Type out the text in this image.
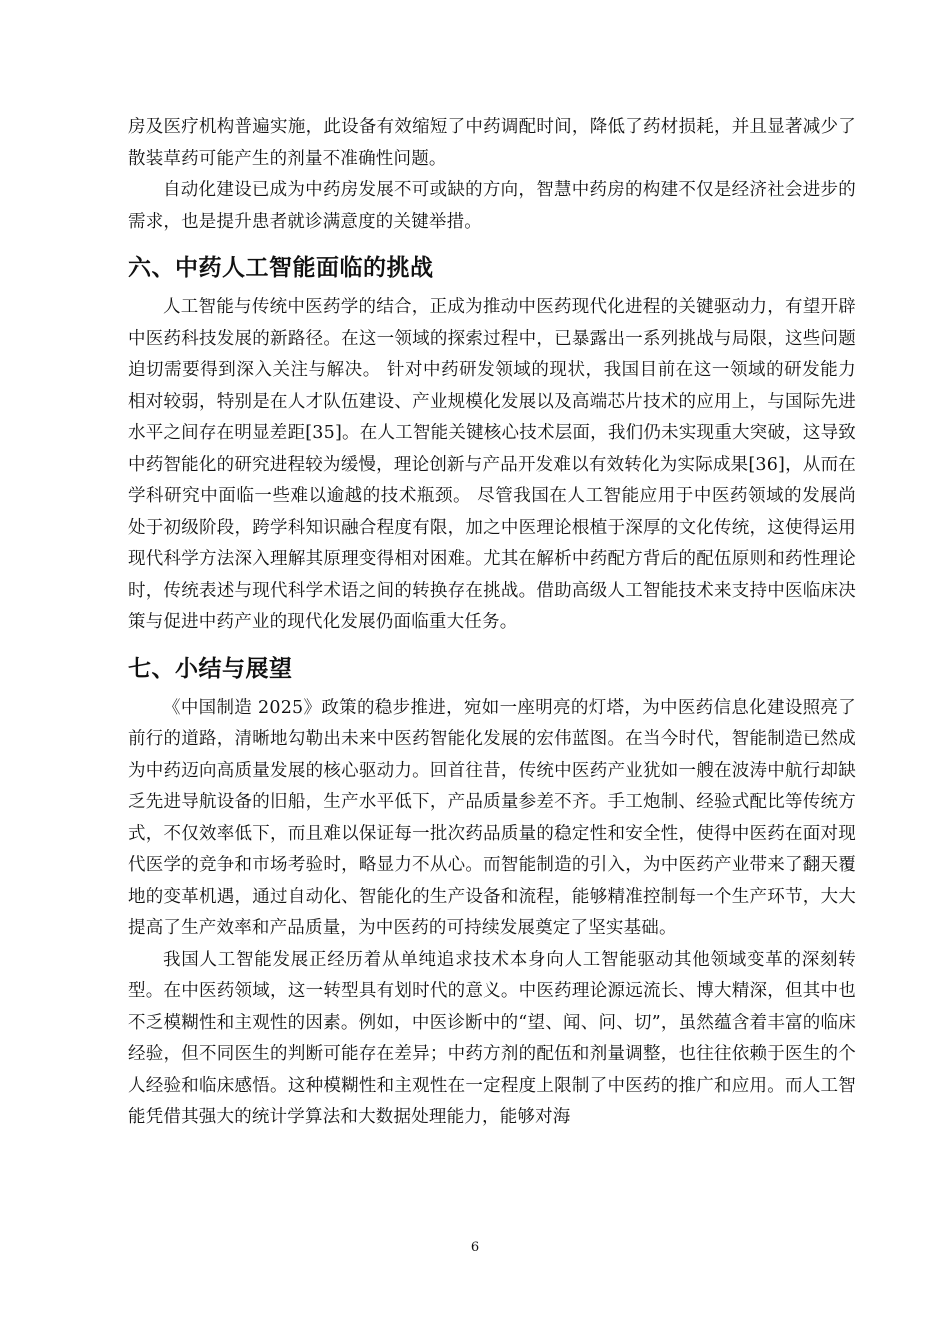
房及医疗机构普遍实施，此设备有效缩短了中药调配时间，降低了药材损耗，并且显著减少了散装草药可能产生的剂量不准确性问题。

自动化建设已成为中药房发展不可或缺的方向，智慧中药房的构建不仅是经济社会进步的需求，也是提升患者就诊满意度的关键举措。

六、中药人工智能面临的挑战

人工智能与传统中医药学的结合，正成为推动中医药现代化进程的关键驱动力，有望开辟中医药科技发展的新路径。在这一领域的探索过程中，已暴露出一系列挑战与局限，这些问题迫切需要得到深入关注与解决。 针对中药研发领域的现状，我国目前在这一领域的研发能力相对较弱，特别是在人才队伍建设、产业规模化发展以及高端芯片技术的应用上，与国际先进水平之间存在明显差距[35]。在人工智能关键核心技术层面，我们仍未实现重大突破，这导致中药智能化的研究进程较为缓慢，理论创新与产品开发难以有效转化为实际成果[36]，从而在学科研究中面临一些难以逾越的技术瓶颈。 尽管我国在人工智能应用于中医药领域的发展尚处于初级阶段，跨学科知识融合程度有限，加之中医理论根植于深厚的文化传统，这使得运用现代科学方法深入理解其原理变得相对困难。尤其在解析中药配方背后的配伍原则和药性理论时，传统表述与现代科学术语之间的转换存在挑战。借助高级人工智能技术来支持中医临床决策与促进中药产业的现代化发展仍面临重大任务。

七、小结与展望

《中国制造 2025》政策的稳步推进，宛如一座明亮的灯塔，为中医药信息化建设照亮了前行的道路，清晰地勾勒出未来中医药智能化发展的宏伟蓝图。在当今时代，智能制造已然成为中药迈向高质量发展的核心驱动力。回首往昔，传统中医药产业犹如一艘在波涛中航行却缺乏先进导航设备的旧船，生产水平低下，产品质量参差不齐。手工炮制、经验式配比等传统方式，不仅效率低下，而且难以保证每一批次药品质量的稳定性和安全性，使得中医药在面对现代医学的竞争和市场考验时，略显力不从心。而智能制造的引入，为中医药产业带来了翻天覆地的变革机遇，通过自动化、智能化的生产设备和流程，能够精准控制每一个生产环节，大大提高了生产效率和产品质量，为中医药的可持续发展奠定了坚实基础。

我国人工智能发展正经历着从单纯追求技术本身向人工智能驱动其他领域变革的深刻转型。在中医药领域，这一转型具有划时代的意义。中医药理论源远流长、博大精深，但其中也不乏模糊性和主观性的因素。例如，中医诊断中的“望、闻、问、切”，虽然蕴含着丰富的临床经验，但不同医生的判断可能存在差异；中药方剂的配伍和剂量调整，也往往依赖于医生的个人经验和临床感悟。这种模糊性和主观性在一定程度上限制了中医药的推广和应用。而人工智能凭借其强大的统计学算法和大数据处理能力，能够对海

6
